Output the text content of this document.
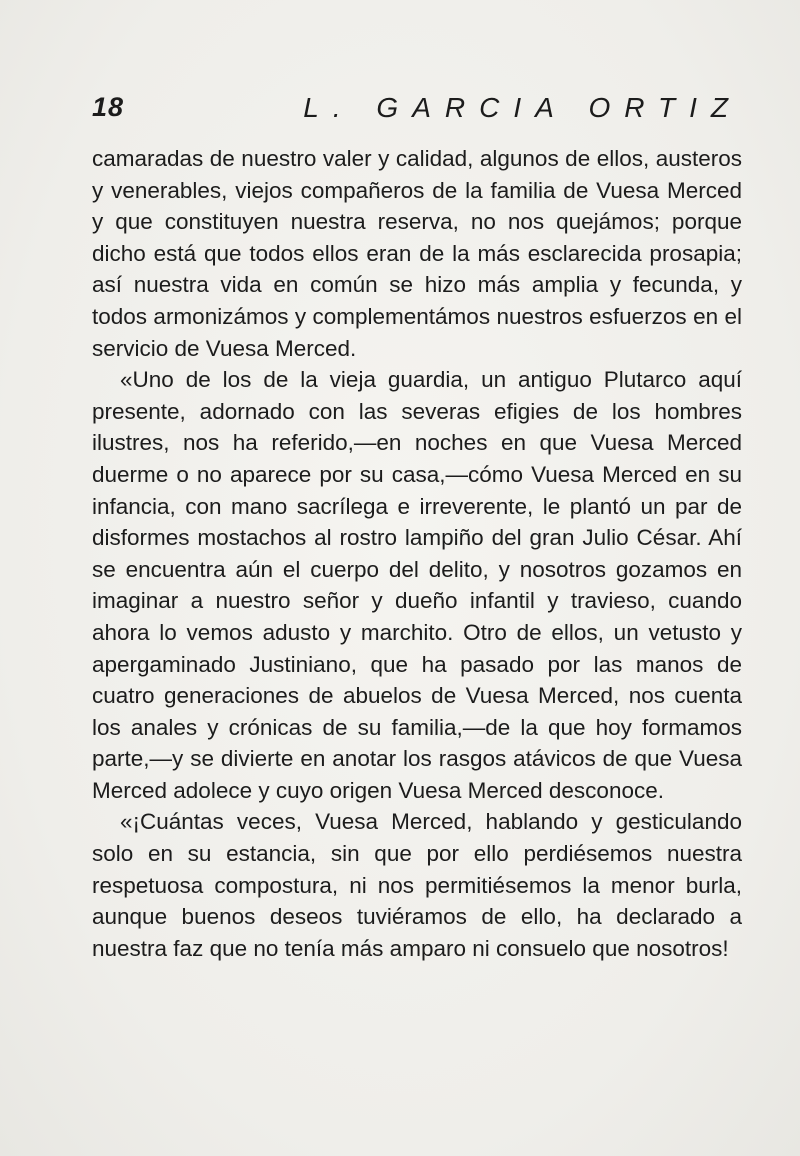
18	L. GARCIA ORTIZ

camaradas de nuestro valer y calidad, algunos de ellos, austeros y venerables, viejos compañeros de la familia de Vuesa Merced y que constituyen nuestra reserva, no nos quejámos; porque dicho está que todos ellos eran de la más esclarecida prosapia; así nuestra vida en común se hizo más amplia y fecunda, y todos armonizámos y complementámos nuestros esfuerzos en el servicio de Vuesa Merced.

«Uno de los de la vieja guardia, un antiguo Plutarco aquí presente, adornado con las severas efigies de los hombres ilustres, nos ha referido,—en noches en que Vuesa Merced duerme o no aparece por su casa,—cómo Vuesa Merced en su infancia, con mano sacrílega e irreverente, le plantó un par de disformes mostachos al rostro lampiño del gran Julio César. Ahí se encuentra aún el cuerpo del delito, y nosotros gozamos en imaginar a nuestro señor y dueño infantil y travieso, cuando ahora lo vemos adusto y marchito. Otro de ellos, un vetusto y apergaminado Justiniano, que ha pasado por las manos de cuatro generaciones de abuelos de Vuesa Merced, nos cuenta los anales y crónicas de su familia,—de la que hoy formamos parte,—y se divierte en anotar los rasgos atávicos de que Vuesa Merced adolece y cuyo origen Vuesa Merced desconoce.

«¡Cuántas veces, Vuesa Merced, hablando y gesticulando solo en su estancia, sin que por ello perdiésemos nuestra respetuosa compostura, ni nos permitiésemos la menor burla, aunque buenos deseos tuviéramos de ello, ha declarado a nuestra faz que no tenía más amparo ni consuelo que nosotros!
